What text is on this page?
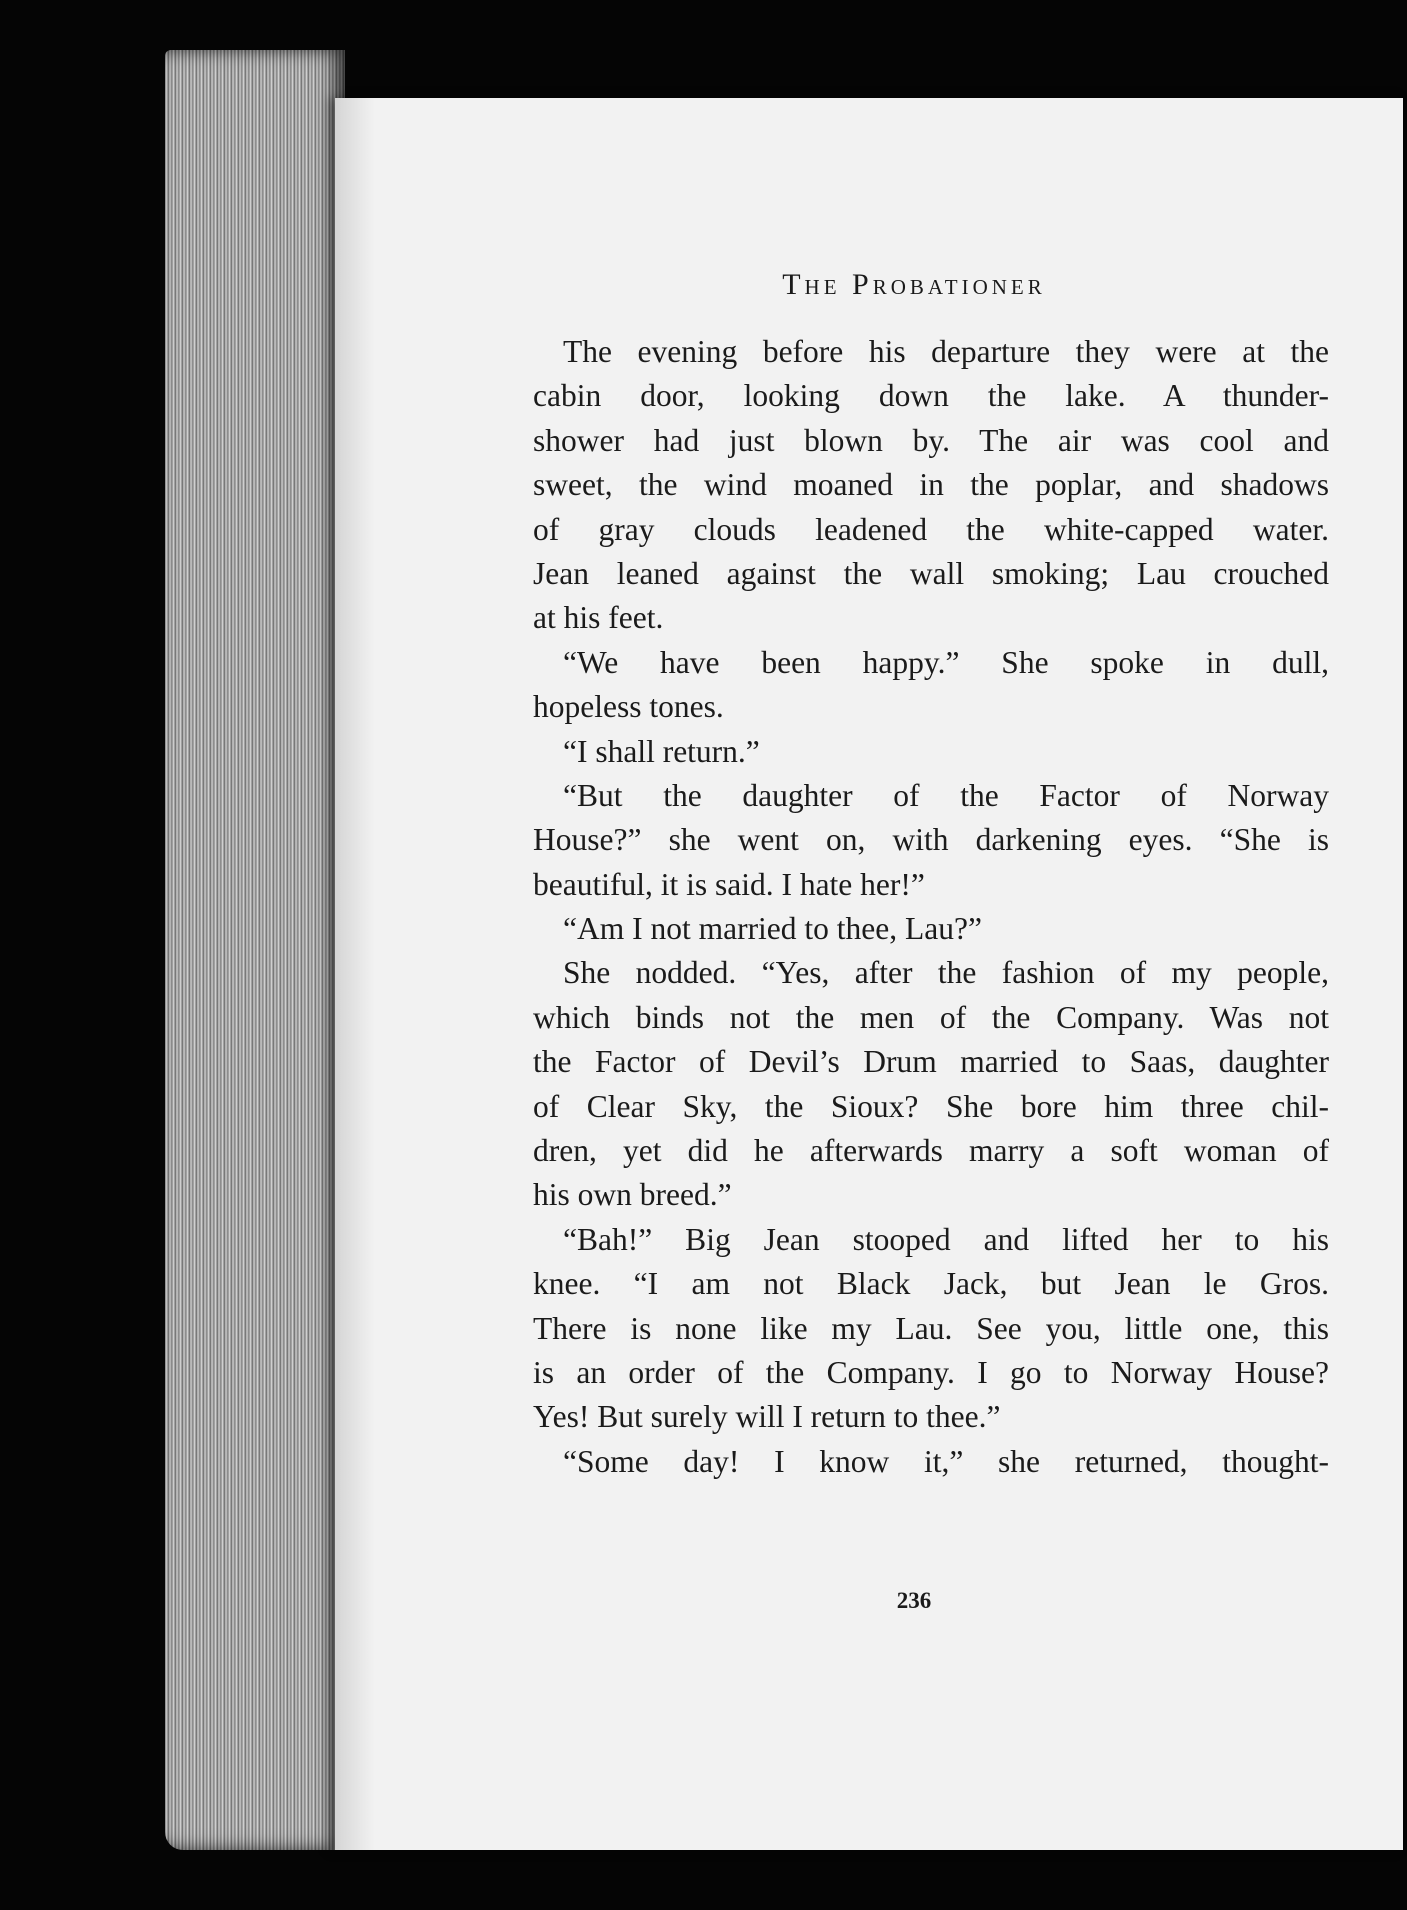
The Probationer
The evening before his departure they were at the
cabin door, looking down the lake. A thunder-
shower had just blown by. The air was cool and
sweet, the wind moaned in the poplar, and shadows
of gray clouds leadened the white-capped water.
Jean leaned against the wall smoking; Lau crouched
at his feet.
“We have been happy.” She spoke in dull,
hopeless tones.
“I shall return.”
“But the daughter of the Factor of Norway
House?” she went on, with darkening eyes. “She is
beautiful, it is said. I hate her!”
“Am I not married to thee, Lau?”
She nodded. “Yes, after the fashion of my people,
which binds not the men of the Company. Was not
the Factor of Devil’s Drum married to Saas, daughter
of Clear Sky, the Sioux? She bore him three chil-
dren, yet did he afterwards marry a soft woman of
his own breed.”
“Bah!” Big Jean stooped and lifted her to his
knee. “I am not Black Jack, but Jean le Gros.
There is none like my Lau. See you, little one, this
is an order of the Company. I go to Norway House?
Yes! But surely will I return to thee.”
“Some day! I know it,” she returned, thought-
236
